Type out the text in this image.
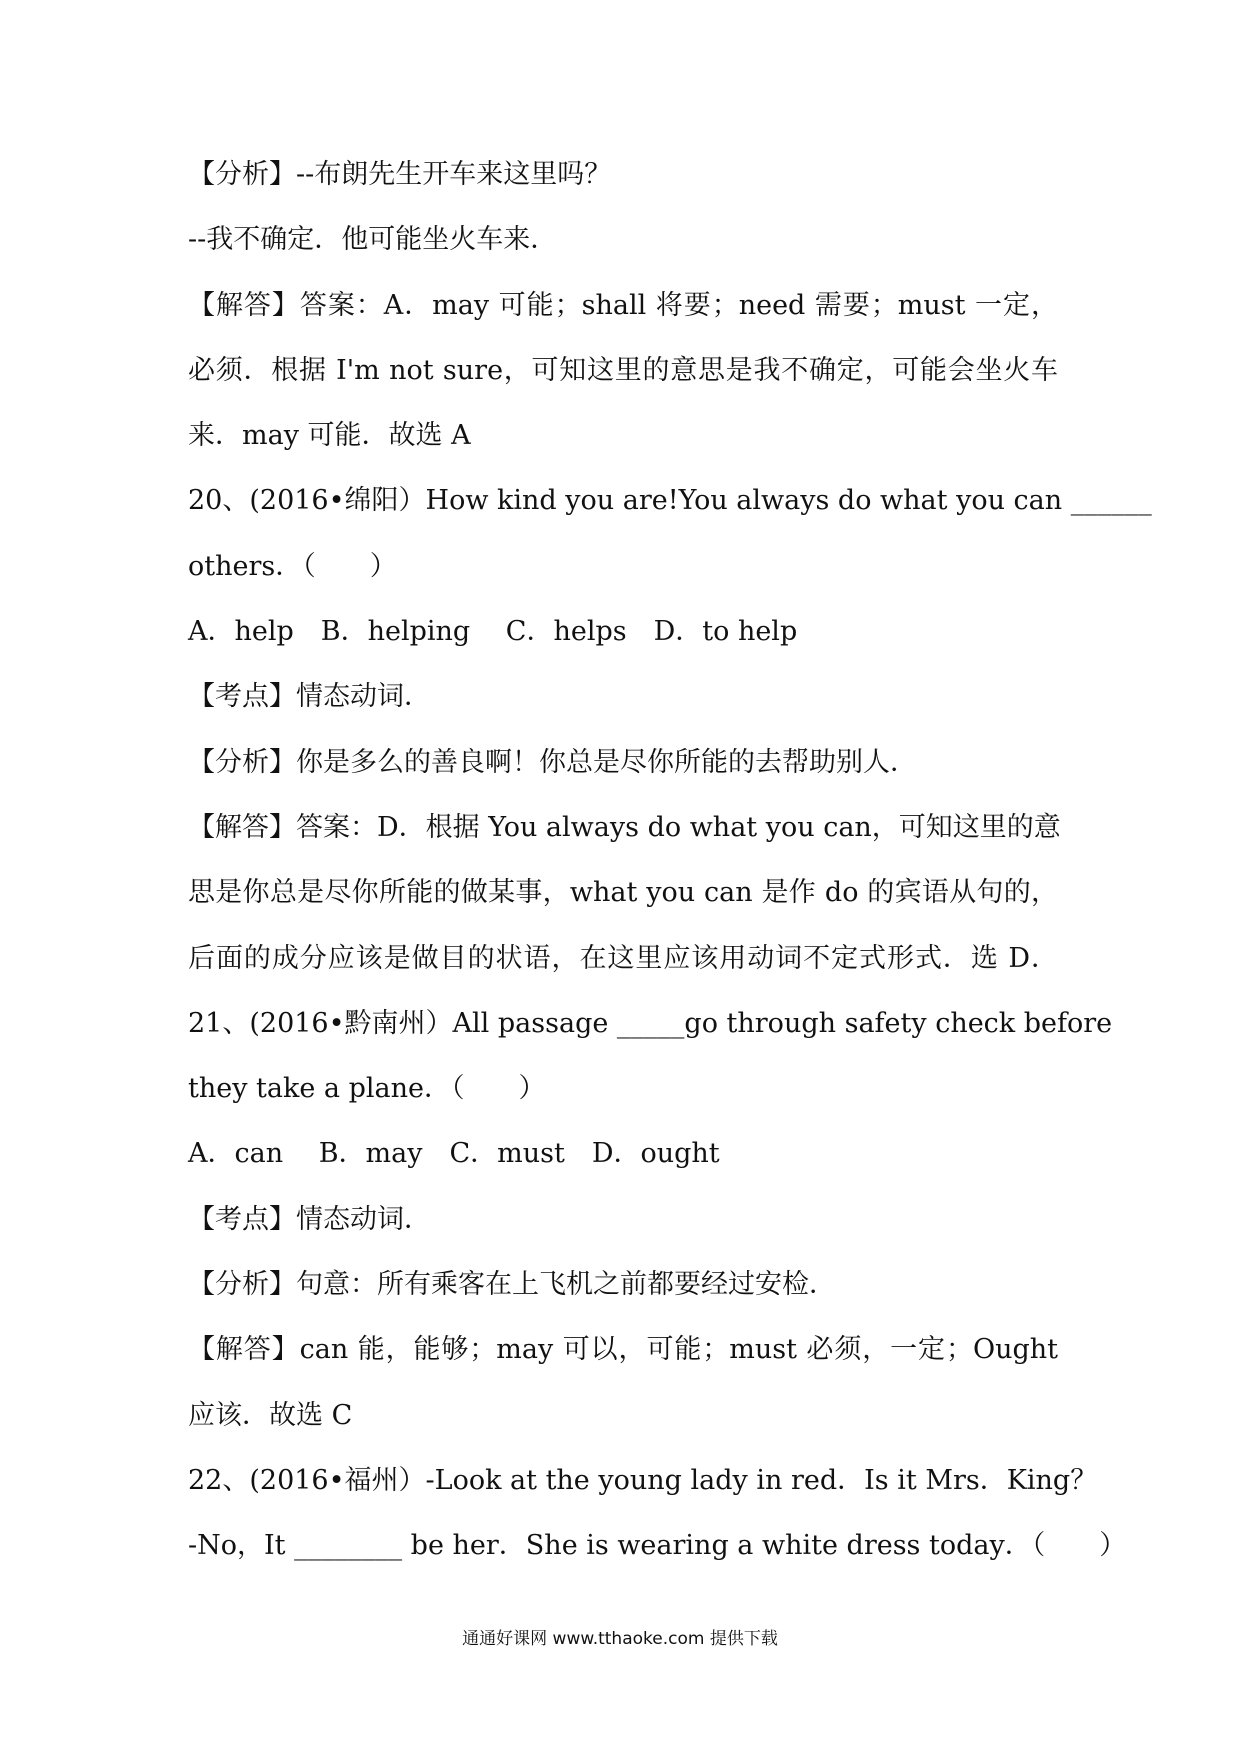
【分析】--布朗先生开车来这里吗？
--我不确定．他可能坐火车来．
【解答】答案：A．may 可能；shall 将要；need 需要；must 一定，
必须．根据 I'm not sure，可知这里的意思是我不确定，可能会坐火车
来．may 可能．故选 A
20、(2016•绵阳）How kind you are!You always do what you can ______
others．（　　）
A．help　B．helping　 C．helps　D．to help
【考点】情态动词．
【分析】你是多么的善良啊！你总是尽你所能的去帮助别人．
【解答】答案：D．根据 You always do what you can，可知这里的意
思是你总是尽你所能的做某事，what you can 是作 do 的宾语从句的，
后面的成分应该是做目的状语，在这里应该用动词不定式形式．选 D．
21、(2016•黔南州）All passage _____go through safety check before
they take a plane．（　　）
A．can　 B．may　C．must　D．ought
【考点】情态动词．
【分析】句意：所有乘客在上飞机之前都要经过安检．
【解答】can 能，能够；may 可以，可能；must 必须，一定；Ought
应该．故选 C
22、(2016•福州）-Look at the young lady in red．Is it Mrs．King？
-No，It ________ be her．She is wearing a white dress today．（　　）
通通好课网 www.tthaoke.com 提供下载
